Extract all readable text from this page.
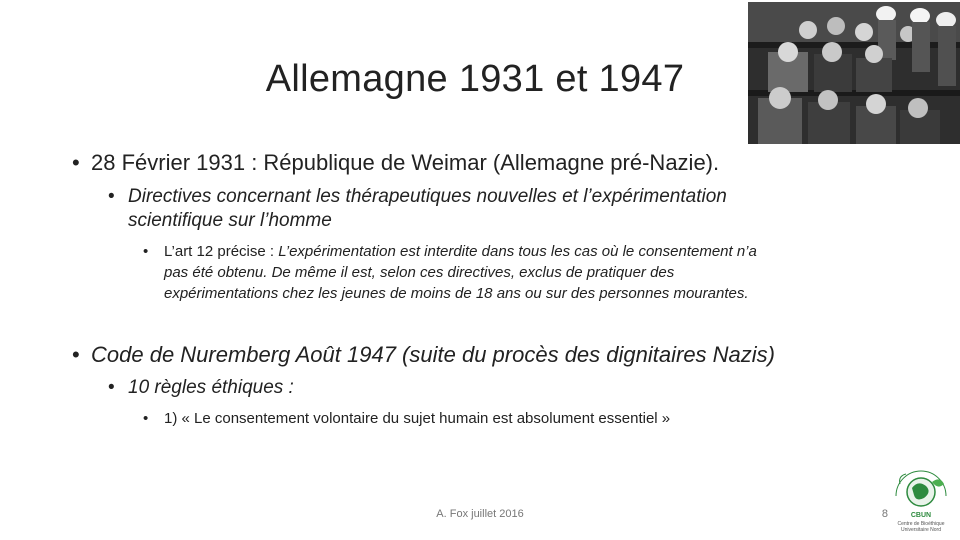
Allemagne 1931 et 1947
• 28 Février 1931 : République de Weimar (Allemagne pré-Nazie).
• Directives concernant les thérapeutiques nouvelles et l’expérimentation
scientifique sur l’homme
• L’art 12 précise : L’expérimentation est interdite dans tous les cas où le consentement n’a
pas été obtenu. De même il est, selon ces directives, exclus de pratiquer des
expérimentations chez les jeunes de moins de 18 ans ou sur des personnes mourantes.
• Code de Nuremberg Août 1947 (suite du procès des dignitaires Nazis)
• 10 règles éthiques :
• 1) « Le consentement volontaire du sujet humain est absolument essentiel »
A. Fox juillet 2016	8	CBUN
Centre de Bioéthique Universitaire Nord
